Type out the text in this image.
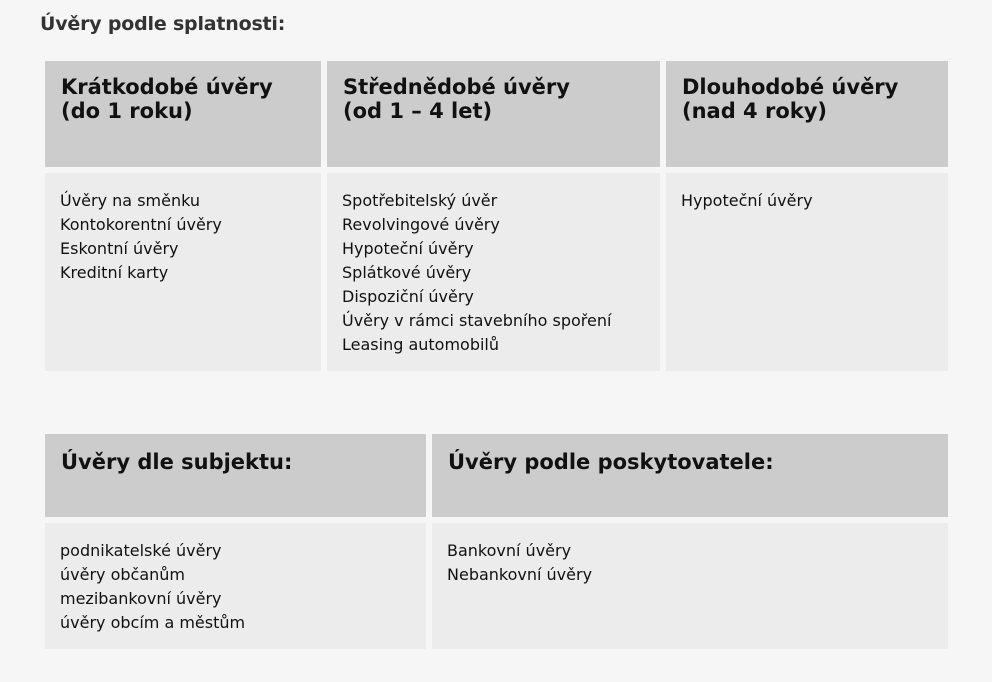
Úvěry podle splatnosti:
Krátkodobé úvěry
(do 1 roku)
Střednědobé úvěry
(od 1 – 4 let)
Dlouhodobé úvěry
(nad 4 roky)
Úvěry na směnku
Kontokorentní úvěry
Eskontní úvěry
Kreditní karty
Spotřebitelský úvěr
Revolvingové úvěry
Hypoteční úvěry
Splátkové úvěry
Dispoziční úvěry
Úvěry v rámci stavebního spoření
Leasing automobilů
Hypoteční úvěry
Úvěry dle subjektu:	Úvěry podle poskytovatele:
podnikatelské úvěry
úvěry občanům
mezibankovní úvěry
úvěry obcím a městům
Bankovní úvěry
Nebankovní úvěry
